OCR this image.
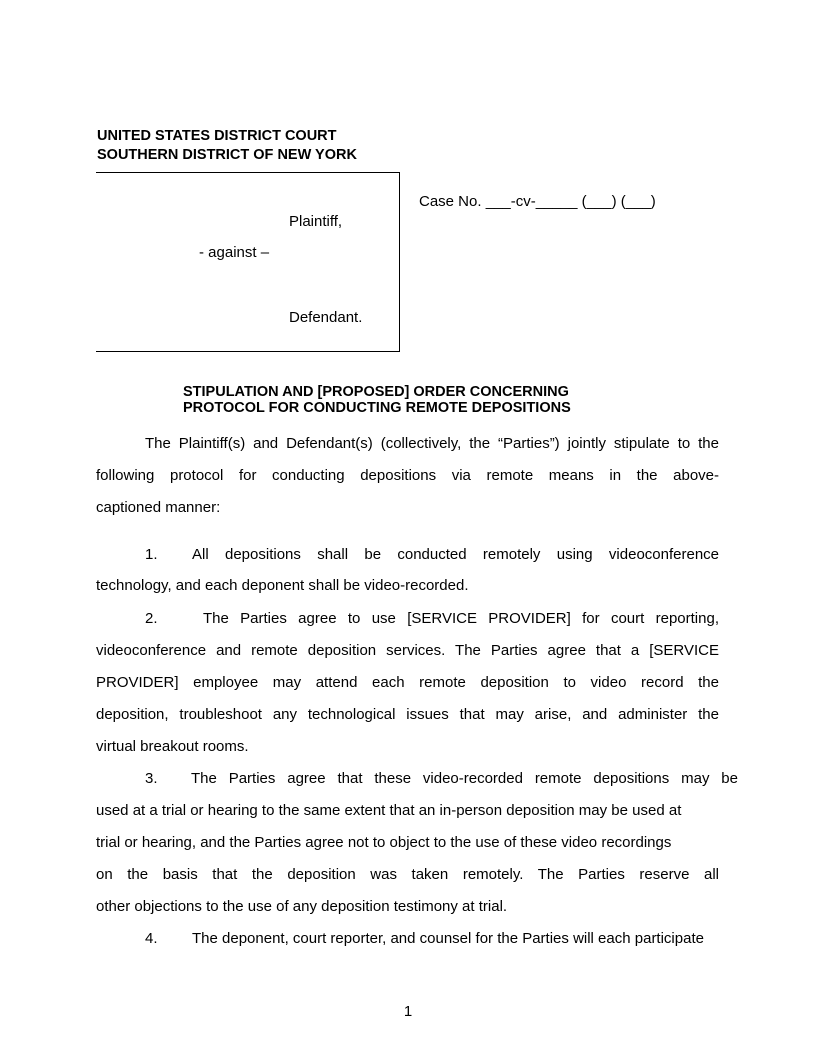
UNITED STATES DISTRICT COURT
SOUTHERN DISTRICT OF NEW YORK
Plaintiff,
- against –
Defendant.
Case No. ___-cv-_____ (___) (___)
STIPULATION AND [PROPOSED] ORDER CONCERNING
PROTOCOL FOR CONDUCTING REMOTE DEPOSITIONS
The Plaintiff(s) and Defendant(s) (collectively, the “Parties”) jointly stipulate to the
following protocol for conducting depositions via remote means in the above-
captioned manner:
1. All depositions shall be conducted remotely using videoconference
technology, and each deponent shall be video-recorded.
2.	The Parties agree to use [SERVICE PROVIDER] for court reporting,
videoconference and remote deposition services. The Parties agree that a [SERVICE
PROVIDER] employee may attend each remote deposition to video record the
deposition, troubleshoot any technological issues that may arise, and administer the
virtual breakout rooms.
3. The Parties agree that these video-recorded remote depositions may be
used at a trial or hearing to the same extent that an in-person deposition may be used at
trial or hearing, and the Parties agree not to object to the use of these video recordings
on the basis that the deposition was taken remotely. The Parties reserve all
other objections to the use of any deposition testimony at trial.
4. The deponent, court reporter, and counsel for the Parties will each participate
1
